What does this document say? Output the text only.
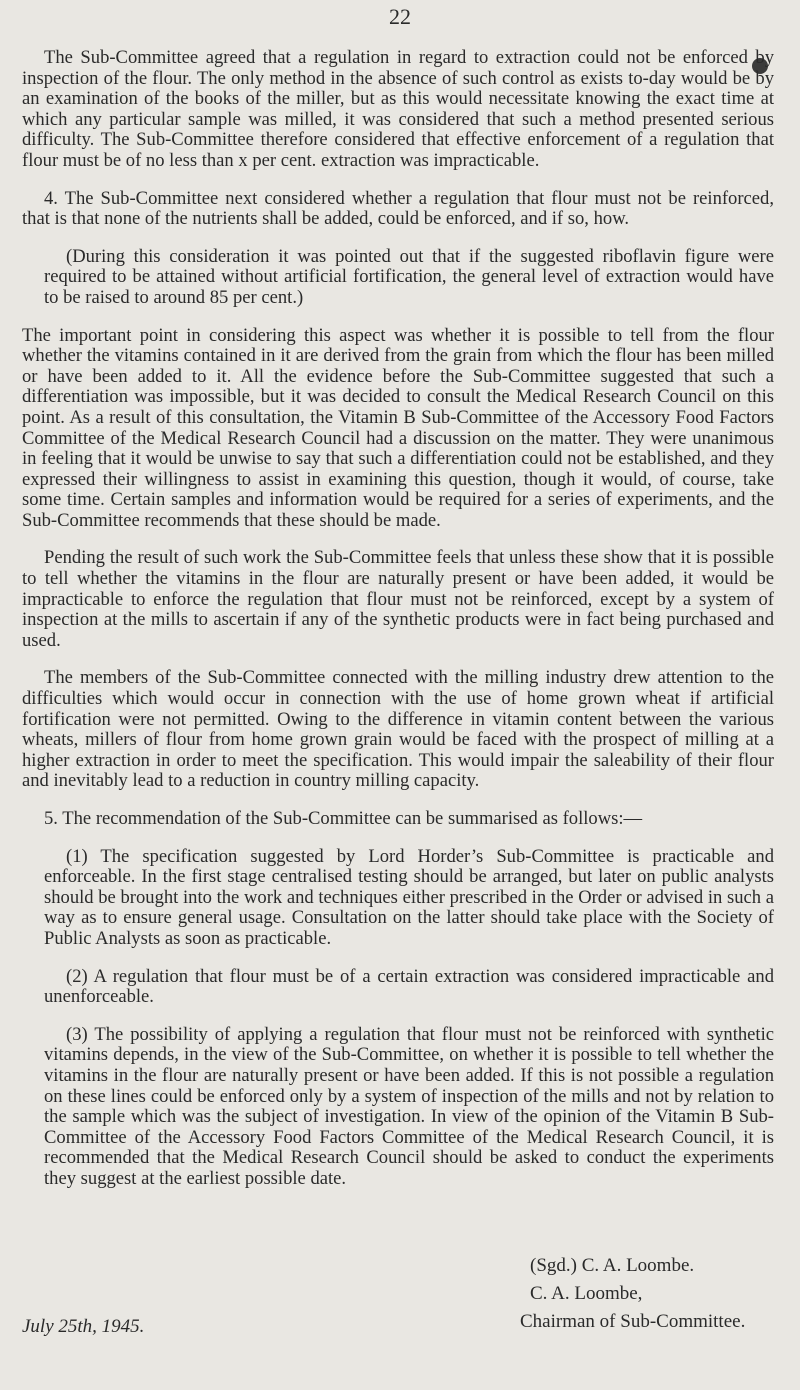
22

The Sub-Committee agreed that a regulation in regard to extraction could not be enforced by inspection of the flour. The only method in the absence of such control as exists to-day would be by an examination of the books of the miller, but as this would necessitate knowing the exact time at which any particular sample was milled, it was considered that such a method presented serious difficulty. The Sub-Committee therefore considered that effective enforcement of a regulation that flour must be of no less than x per cent. extraction was impracticable.

4. The Sub-Committee next considered whether a regulation that flour must not be reinforced, that is that none of the nutrients shall be added, could be enforced, and if so, how.

(During this consideration it was pointed out that if the suggested riboflavin figure were required to be attained without artificial fortification, the general level of extraction would have to be raised to around 85 per cent.)

The important point in considering this aspect was whether it is possible to tell from the flour whether the vitamins contained in it are derived from the grain from which the flour has been milled or have been added to it. All the evidence before the Sub-Committee suggested that such a differentiation was impossible, but it was decided to consult the Medical Research Council on this point. As a result of this consultation, the Vitamin B Sub-Committee of the Accessory Food Factors Committee of the Medical Research Council had a discussion on the matter. They were unanimous in feeling that it would be unwise to say that such a differentiation could not be established, and they expressed their willingness to assist in examining this question, though it would, of course, take some time. Certain samples and information would be required for a series of experiments, and the Sub-Committee recommends that these should be made.

Pending the result of such work the Sub-Committee feels that unless these show that it is possible to tell whether the vitamins in the flour are naturally present or have been added, it would be impracticable to enforce the regulation that flour must not be reinforced, except by a system of inspection at the mills to ascertain if any of the synthetic products were in fact being purchased and used.

The members of the Sub-Committee connected with the milling industry drew attention to the difficulties which would occur in connection with the use of home grown wheat if artificial fortification were not permitted. Owing to the difference in vitamin content between the various wheats, millers of flour from home grown grain would be faced with the prospect of milling at a higher extraction in order to meet the specification. This would impair the saleability of their flour and inevitably lead to a reduction in country milling capacity.

5. The recommendation of the Sub-Committee can be summarised as follows:—

(1) The specification suggested by Lord Horder’s Sub-Committee is practicable and enforceable. In the first stage centralised testing should be arranged, but later on public analysts should be brought into the work and techniques either prescribed in the Order or advised in such a way as to ensure general usage. Consultation on the latter should take place with the Society of Public Analysts as soon as practicable.

(2) A regulation that flour must be of a certain extraction was considered impracticable and unenforceable.

(3) The possibility of applying a regulation that flour must not be reinforced with synthetic vitamins depends, in the view of the Sub-Committee, on whether it is possible to tell whether the vitamins in the flour are naturally present or have been added. If this is not possible a regulation on these lines could be enforced only by a system of inspection of the mills and not by relation to the sample which was the subject of investigation. In view of the opinion of the Vitamin B Sub-Committee of the Accessory Food Factors Committee of the Medical Research Council, it is recommended that the Medical Research Council should be asked to conduct the experiments they suggest at the earliest possible date.

(Sgd.) C. A. Loombe.
C. A. Loombe,
Chairman of Sub-Committee.
July 25th, 1945.
